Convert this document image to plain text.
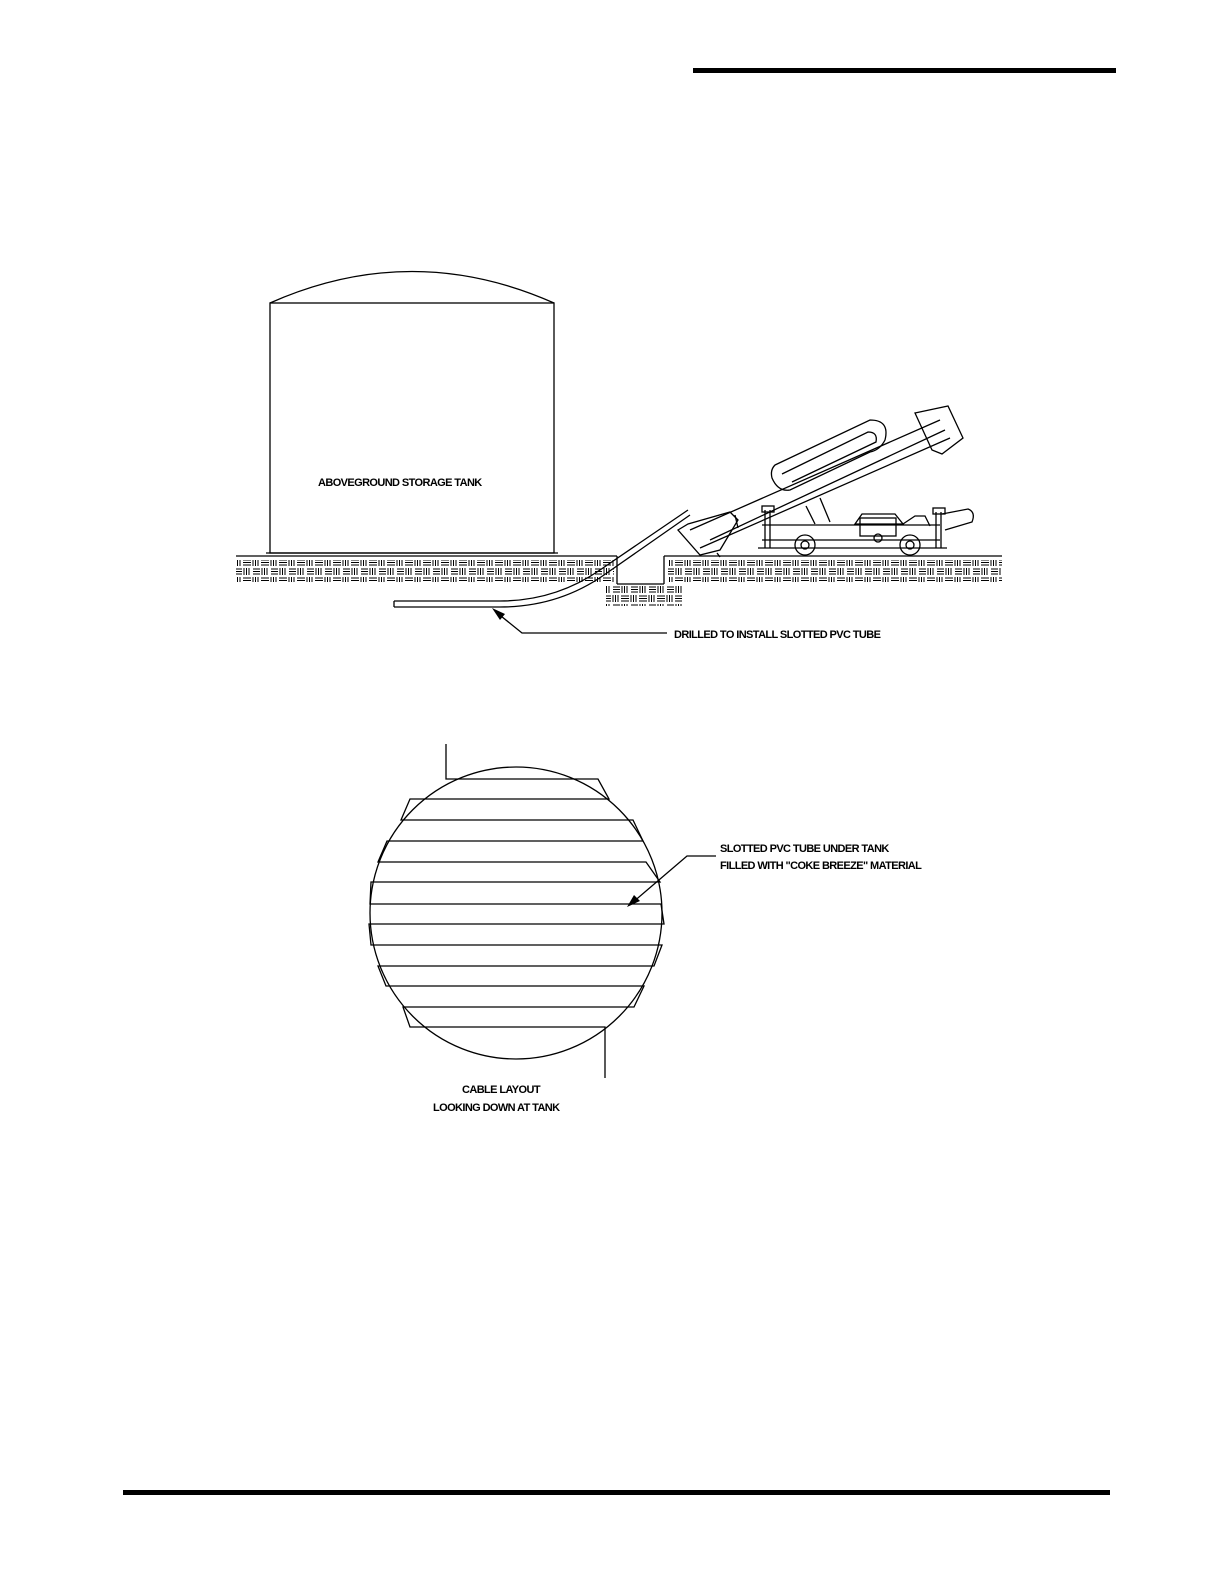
ABOVEGROUND STORAGE TANK
DRILLED TO INSTALL SLOTTED PVC TUBE
SLOTTED PVC TUBE UNDER TANK
FILLED WITH "COKE BREEZE" MATERIAL
CABLE LAYOUT
LOOKING DOWN AT TANK
